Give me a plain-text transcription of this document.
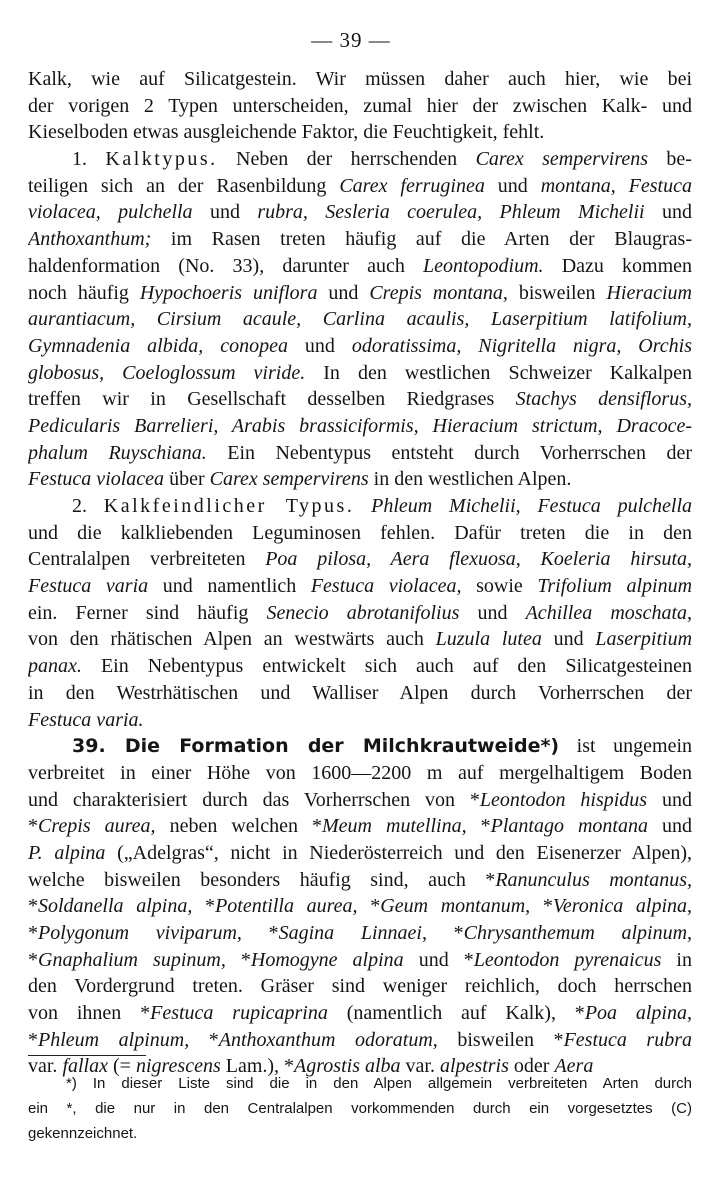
— 39 —
Kalk, wie auf Silicatgestein. Wir müssen daher auch hier, wie bei
der vorigen 2 Typen unterscheiden, zumal hier der zwischen Kalk- und
Kieselboden etwas ausgleichende Faktor, die Feuchtigkeit, fehlt.
1. Kalktypus. Neben der herrschenden Carex sempervirens be-
teiligen sich an der Rasenbildung Carex ferruginea und montana, Festuca
violacea, pulchella und rubra, Sesleria coerulea, Phleum Michelii und
Anthoxanthum; im Rasen treten häufig auf die Arten der Blaugras-
haldenformation (No. 33), darunter auch Leontopodium. Dazu kommen
noch häufig Hypochoeris uniflora und Crepis montana, bisweilen Hieracium
aurantiacum, Cirsium acaule, Carlina acaulis, Laserpitium latifolium,
Gymnadenia albida, conopea und odoratissima, Nigritella nigra, Orchis
globosus, Coeloglossum viride. In den westlichen Schweizer Kalkalpen
treffen wir in Gesellschaft desselben Riedgrases Stachys densiflorus,
Pedicularis Barrelieri, Arabis brassiciformis, Hieracium strictum, Dracoce-
phalum Ruyschiana. Ein Nebentypus entsteht durch Vorherrschen der
Festuca violacea über Carex sempervirens in den westlichen Alpen.
2. Kalkfeindlicher Typus. Phleum Michelii, Festuca pulchella
und die kalkliebenden Leguminosen fehlen. Dafür treten die in den
Centralalpen verbreiteten Poa pilosa, Aera flexuosa, Koeleria hirsuta,
Festuca varia und namentlich Festuca violacea, sowie Trifolium alpinum
ein. Ferner sind häufig Senecio abrotanifolius und Achillea moschata,
von den rhätischen Alpen an westwärts auch Luzula lutea und Laserpitium
panax. Ein Nebentypus entwickelt sich auch auf den Silicatgesteinen
in den Westrhätischen und Walliser Alpen durch Vorherrschen der
Festuca varia.
39. Die Formation der Milchkrautweide*) ist ungemein
verbreitet in einer Höhe von 1600—2200 m auf mergelhaltigem Boden
und charakterisiert durch das Vorherrschen von *Leontodon hispidus und
*Crepis aurea, neben welchen *Meum mutellina, *Plantago montana und
P. alpina („Adelgras“, nicht in Niederösterreich und den Eisenerzer Alpen),
welche bisweilen besonders häufig sind, auch *Ranunculus montanus,
*Soldanella alpina, *Potentilla aurea, *Geum montanum, *Veronica alpina,
*Polygonum viviparum, *Sagina Linnaei, *Chrysanthemum alpinum,
*Gnaphalium supinum, *Homogyne alpina und *Leontodon pyrenaicus in
den Vordergrund treten. Gräser sind weniger reichlich, doch herrschen
von ihnen *Festuca rupicaprina (namentlich auf Kalk), *Poa alpina,
*Phleum alpinum, *Anthoxanthum odoratum, bisweilen *Festuca rubra
var. fallax (= nigrescens Lam.), *Agrostis alba var. alpestris oder Aera
*) In dieser Liste sind die in den Alpen allgemein verbreiteten Arten durch
ein *, die nur in den Centralalpen vorkommenden durch ein vorgesetztes (C)
gekennzeichnet.
